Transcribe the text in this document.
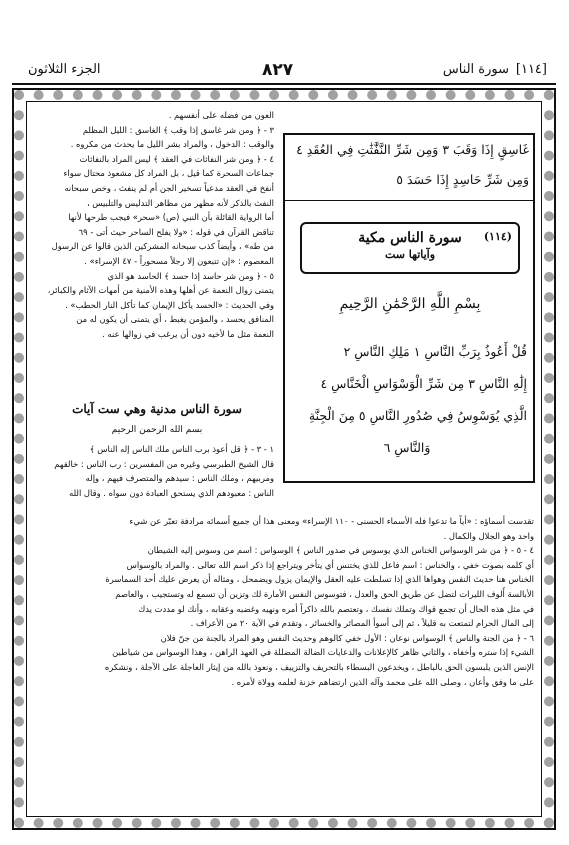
سورة الناس [١١٤]
٨٢٧
الجزء الثلاثون
غَاسِقٍ إِذَا وَقَبَ ٣ وَمِن شَرِّ النَّفَّٰثَٰتِ فِي العُقَدِ ٤
وَمِن شَرِّ حَاسِدٍ إِذَا حَسَدَ ٥
(١١٤)
سورة الناس مكية
وآياتها ست
بِسْمِ اللَّهِ الرَّحْمَٰنِ الرَّحِيمِ
قُلْ أَعُوذُ بِرَبِّ النَّاسِ ١ مَلِكِ النَّاسِ ٢
إِلَٰهِ النَّاسِ ٣ مِن شَرِّ الْوَسْوَاسِ الْخَنَّاسِ ٤
الَّذِي يُوَسْوِسُ فِي صُدُورِ النَّاسِ ٥ مِنَ الْجِنَّةِ
وَالنَّاسِ ٦
العون من فضله على أنفسهم .
٣ - ﴿ ومن شر غاسق إذا وقب ﴾ الغاسق : الليل المظلم
والوقب : الدخول ، والمراد بشر الليل ما يحدث من مكروه .
٤ - ﴿ ومن شر النفاثات في العقد ﴾ ليس المراد بالنفاثات
جماعات السحرة كما قيل ، بل المراد كل مشعوذ محتال سواء
أنفخ في العقد مدعياً تسخير الجن أم لم ينفث ، وخص سبحانه
النفث بالذكر لأنه مظهر من مظاهر التدليس والتلبيس ،
أما الرواية القائلة بأن النبي (ص) «سحر» فيجب طرحها لأنها
تناقض القرآن في قوله : «ولا يفلح الساحر حيث أتى - ٦٩
من طه» ، وأيضاً كذب سبحانه المشركين الذين قالوا عن الرسول
المعصوم : «إن تتبعون إلا رجلاً مسحوراً - ٤٧ الإسراء» .
٥ - ﴿ ومن شر حاسد إذا حسد ﴾ الحاسد هو الذي
يتمنى زوال النعمة عن أهلها وهذه الأمنية من أمهات الآثام والكبائر،
وفي الحديث : «الحسد يأكل الإيمان كما تأكل النار الحطب» .
المنافق يحسد ، والمؤمن يغبط ، أي يتمنى أن يكون له من
النعمة مثل ما لأخيه دون أن يرغب في زوالها عنه .
سورة الناس مدنية وهي ست آيات
بسم الله الرحمن الرحيم
١ - ٣ - ﴿ قل أعوذ برب الناس ملك الناس إله الناس ﴾
قال الشيخ الطبرسي وغيره من المفسرين : رب الناس : خالقهم
ومربيهم ، وملك الناس : سيدهم والمتصرف فيهم ، وإله
الناس : معبودهم الذي يستحق العبادة دون سواه . وقال الله
تقدست أسماؤه : «أياً ما تدعوا فله الأسماء الحسنى - ١١٠ الإسراء» ومعنى هذا أن جميع أسمائه مرادفة تعبّر عن شيء
واحد وهو الجلال والكمال .
٤ - ٥ - ﴿ من شر الوسواس الخناس الذي يوسوس في صدور الناس ﴾ الوسواس : اسم من وسوس إليه الشيطان
أي كلمه بصوت خفي ، والخناس : اسم فاعل للذي يختنس أي يتأخر ويتراجع إذا ذكر اسم الله تعالى . والمراد بالوسواس
الخناس هنا حديث النفس وهواها الذي إذا تسلطت عليه العقل والإيمان يزول ويضمحل ، ومثاله أن يعرض عليك أحد السماسرة
الأبالسة أُلوف الليرات لتضل عن طريق الحق والعدل ، فتوسوس النفس الأمارة لك وتزين أن تسمع له وتستجيب ، والعاصم
في مثل هذه الحال أن تجمع قواك وتملك نفسك ، وتعتصم بالله ذاكراً أمره ونهيه وغضبه وعقابه ، وأنك لو مددت يدك
إلى المال الحرام لتمتعت به قليلاً ، ثم إلى أسوأ المصائر والخسائر ، وتقدم في الآية ٢٠ من الأعراف .
٦ - ﴿ من الجنة والناس ﴾ الوسواس نوعان : الأول خفي كالوهم وحديث النفس وهو المراد بالجنة من جنّ فلان
الشيء إذا ستره وأخفاه ، والثاني ظاهر كالإعلانات والدعايات الضالة المضللة في العهد الراهن ، وهذا الوسواس من شياطين
الإنس الذين يلبسون الحق بالباطل ، ويخدعون البسطاء بالتحريف والتزييف ، ونعوذ بالله من إيثار العاجلة على الآجلة ، ونشكره
على ما وفق وأعان ، وصلى الله على محمد وآله الذين ارتضاهم خزنة لعلمه وولاة لأمره .
